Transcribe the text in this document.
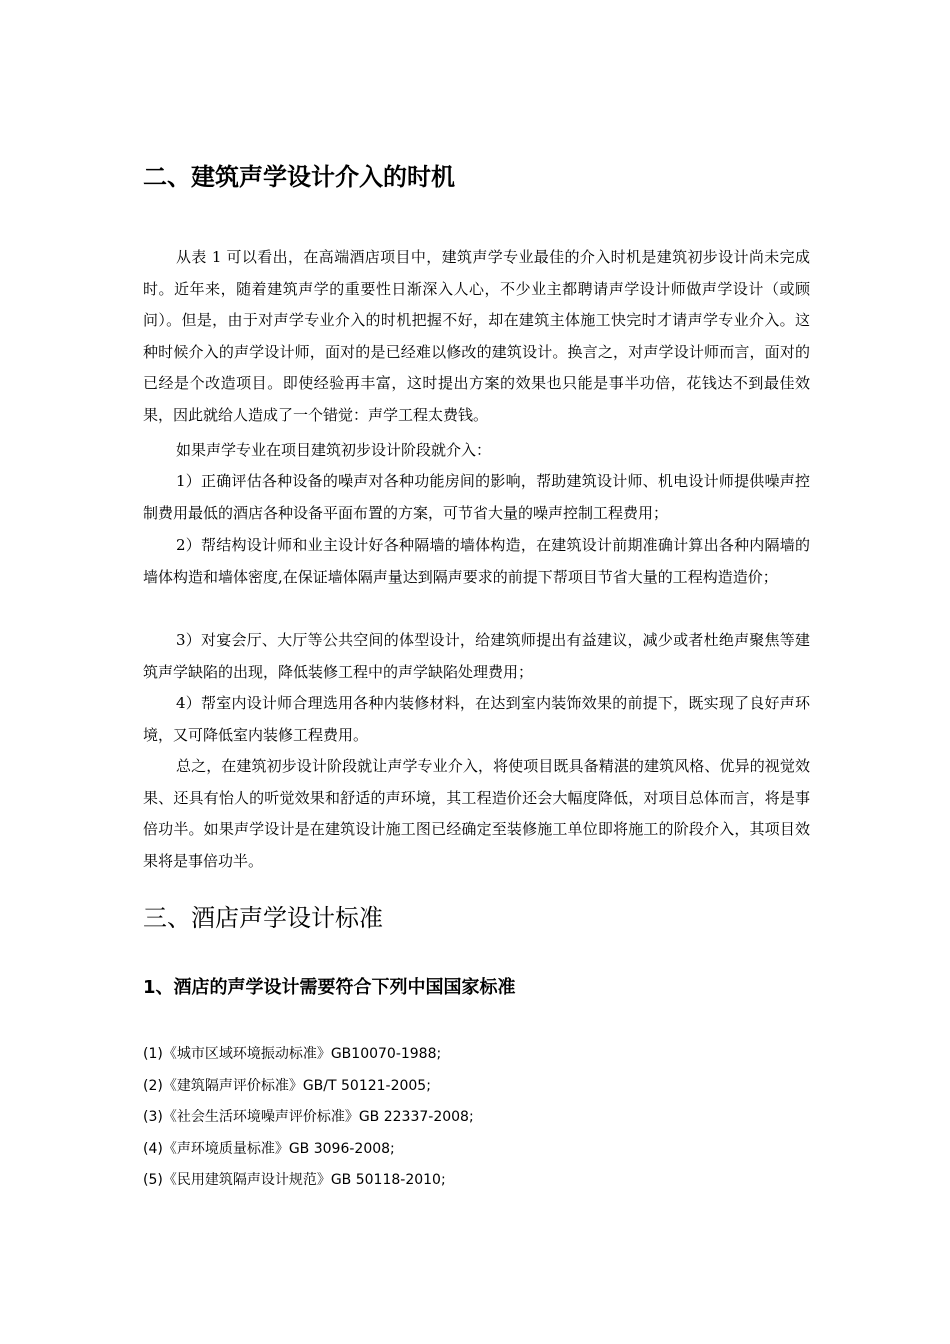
二、建筑声学设计介入的时机

从表 1 可以看出，在高端酒店项目中，建筑声学专业最佳的介入时机是建筑初步设计尚未完成时。近年来，随着建筑声学的重要性日渐深入人心，不少业主都聘请声学设计师做声学设计（或顾问）。但是，由于对声学专业介入的时机把握不好，却在建筑主体施工快完时才请声学专业介入。这种时候介入的声学设计师，面对的是已经难以修改的建筑设计。换言之，对声学设计师而言，面对的已经是个改造项目。即使经验再丰富，这时提出方案的效果也只能是事半功倍，花钱达不到最佳效果，因此就给人造成了一个错觉：声学工程太费钱。

如果声学专业在项目建筑初步设计阶段就介入：

1）正确评估各种设备的噪声对各种功能房间的影响，帮助建筑设计师、机电设计师提供噪声控制费用最低的酒店各种设备平面布置的方案，可节省大量的噪声控制工程费用；

2）帮结构设计师和业主设计好各种隔墙的墙体构造，在建筑设计前期准确计算出各种内隔墙的墙体构造和墙体密度,在保证墙体隔声量达到隔声要求的前提下帮项目节省大量的工程构造造价；

3）对宴会厅、大厅等公共空间的体型设计，给建筑师提出有益建议，减少或者杜绝声聚焦等建筑声学缺陷的出现，降低装修工程中的声学缺陷处理费用；

4）帮室内设计师合理选用各种内装修材料，在达到室内装饰效果的前提下，既实现了良好声环境，又可降低室内装修工程费用。

总之，在建筑初步设计阶段就让声学专业介入，将使项目既具备精湛的建筑风格、优异的视觉效果、还具有怡人的听觉效果和舒适的声环境，其工程造价还会大幅度降低，对项目总体而言，将是事倍功半。如果声学设计是在建筑设计施工图已经确定至装修施工单位即将施工的阶段介入，其项目效果将是事倍功半。

三、酒店声学设计标准
1、酒店的声学设计需要符合下列中国国家标准
(1)《城市区域环境振动标准》GB10070-1988;
(2)《建筑隔声评价标准》GB/T 50121-2005;
(3)《社会生活环境噪声评价标准》GB 22337-2008;
(4)《声环境质量标准》GB 3096-2008;
(5)《民用建筑隔声设计规范》GB 50118-2010;
